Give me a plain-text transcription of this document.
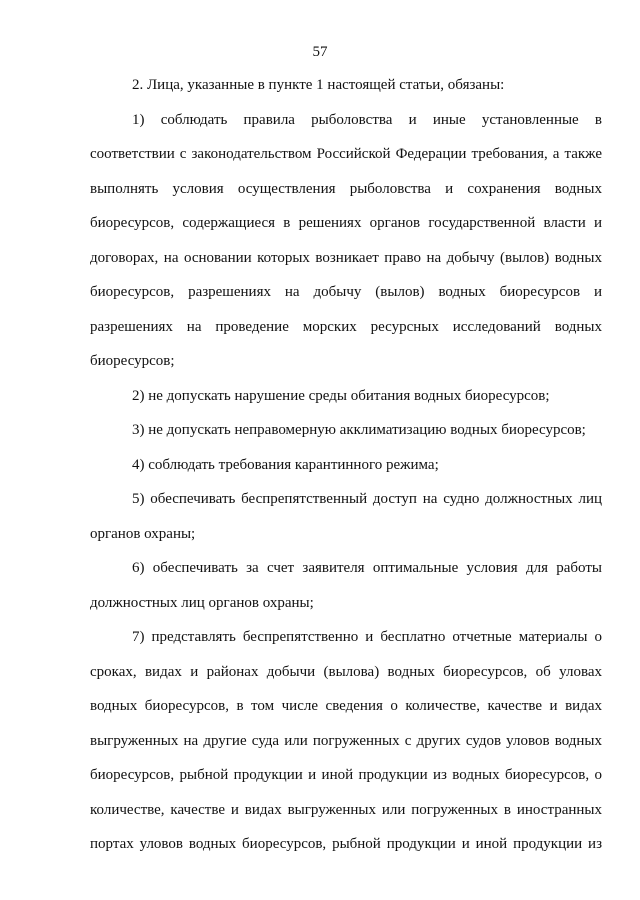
57

2. Лица, указанные в пункте 1 настоящей статьи, обязаны:

1) соблюдать правила рыболовства и иные установленные в соответствии с законодательством Российской Федерации требования, а также выполнять условия осуществления рыболовства и сохранения водных биоресурсов, содержащиеся в решениях органов государственной власти и договорах, на основании которых возникает право на добычу (вылов) водных биоресурсов, разрешениях на добычу (вылов) водных биоресурсов и разрешениях на проведение морских ресурсных исследований водных биоресурсов;

2) не допускать нарушение среды обитания водных биоресурсов;

3) не допускать неправомерную акклиматизацию водных биоресурсов;

4) соблюдать требования карантинного режима;

5) обеспечивать беспрепятственный доступ на судно должностных лиц органов охраны;

6) обеспечивать за счет заявителя оптимальные условия для работы должностных лиц органов охраны;

7) представлять беспрепятственно и бесплатно отчетные материалы о сроках, видах и районах добычи (вылова) водных биоресурсов, об уловах водных биоресурсов, в том числе сведения о количестве, качестве и видах выгруженных на другие суда или погруженных с других судов уловов водных биоресурсов, рыбной продукции и иной продукции из водных биоресурсов, о количестве, качестве и видах выгруженных или погруженных в иностранных портах уловов водных биоресурсов, рыбной продукции и иной продукции из
